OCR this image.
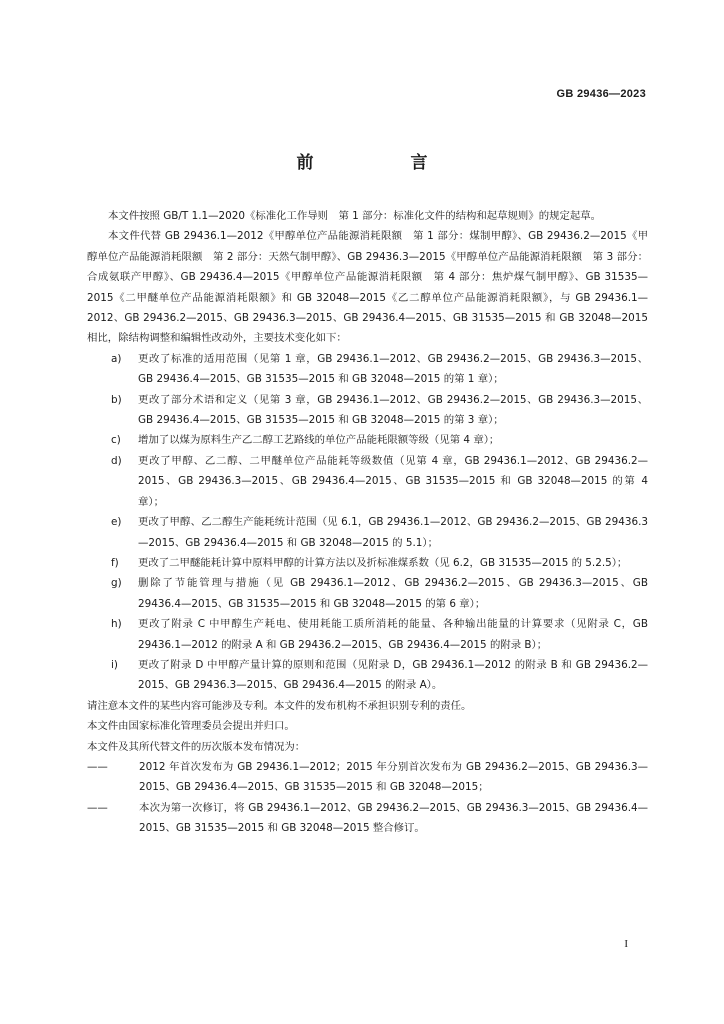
GB 29436—2023
前　言

本文件按照 GB/T 1.1—2020《标准化工作导则　第 1 部分：标准化文件的结构和起草规则》的规定起草。

本文件代替 GB 29436.1—2012《甲醇单位产品能源消耗限额　第 1 部分：煤制甲醇》、GB 29436.2—2015《甲醇单位产品能源消耗限额　第 2 部分：天然气制甲醇》、GB 29436.3—2015《甲醇单位产品能源消耗限额　第 3 部分：合成氨联产甲醇》、GB 29436.4—2015《甲醇单位产品能源消耗限额　第 4 部分：焦炉煤气制甲醇》、GB 31535—2015《二甲醚单位产品能源消耗限额》和 GB 32048—2015《乙二醇单位产品能源消耗限额》，与 GB 29436.1—2012、GB 29436.2—2015、GB 29436.3—2015、GB 29436.4—2015、GB 31535—2015 和 GB 32048—2015 相比，除结构调整和编辑性改动外，主要技术变化如下：

a) 更改了标准的适用范围（见第 1 章，GB 29436.1—2012、GB 29436.2—2015、GB 29436.3—2015、GB 29436.4—2015、GB 31535—2015 和 GB 32048—2015 的第 1 章）；
b) 更改了部分术语和定义（见第 3 章，GB 29436.1—2012、GB 29436.2—2015、GB 29436.3—2015、GB 29436.4—2015、GB 31535—2015 和 GB 32048—2015 的第 3 章）；
c) 增加了以煤为原料生产乙二醇工艺路线的单位产品能耗限额等级（见第 4 章）；
d) 更改了甲醇、乙二醇、二甲醚单位产品能耗等级数值（见第 4 章，GB 29436.1—2012、GB 29436.2—2015、GB 29436.3—2015、GB 29436.4—2015、GB 31535—2015 和 GB 32048—2015 的第 4 章）；
e) 更改了甲醇、乙二醇生产能耗统计范围（见 6.1，GB 29436.1—2012、GB 29436.2—2015、GB 29436.3—2015、GB 29436.4—2015 和 GB 32048—2015 的 5.1）；
f) 更改了二甲醚能耗计算中原料甲醇的计算方法以及折标准煤系数（见 6.2，GB 31535—2015 的 5.2.5）；
g) 删除了节能管理与措施（见 GB 29436.1—2012、GB 29436.2—2015、GB 29436.3—2015、GB 29436.4—2015、GB 31535—2015 和 GB 32048—2015 的第 6 章）；
h) 更改了附录 C 中甲醇生产耗电、使用耗能工质所消耗的能量、各种输出能量的计算要求（见附录 C，GB 29436.1—2012 的附录 A 和 GB 29436.2—2015、GB 29436.4—2015 的附录 B）；
i) 更改了附录 D 中甲醇产量计算的原则和范围（见附录 D，GB 29436.1—2012 的附录 B 和 GB 29436.2—2015、GB 29436.3—2015、GB 29436.4—2015 的附录 A）。

请注意本文件的某些内容可能涉及专利。本文件的发布机构不承担识别专利的责任。

本文件由国家标准化管理委员会提出并归口。

本文件及其所代替文件的历次版本发布情况为：

——	2012 年首次发布为 GB 29436.1—2012；2015 年分别首次发布为 GB 29436.2—2015、GB 29436.3—2015、GB 29436.4—2015、GB 31535—2015 和 GB 32048—2015；
——	本次为第一次修订，将 GB 29436.1—2012、GB 29436.2—2015、GB 29436.3—2015、GB 29436.4—2015、GB 31535—2015 和 GB 32048—2015 整合修订。
I
